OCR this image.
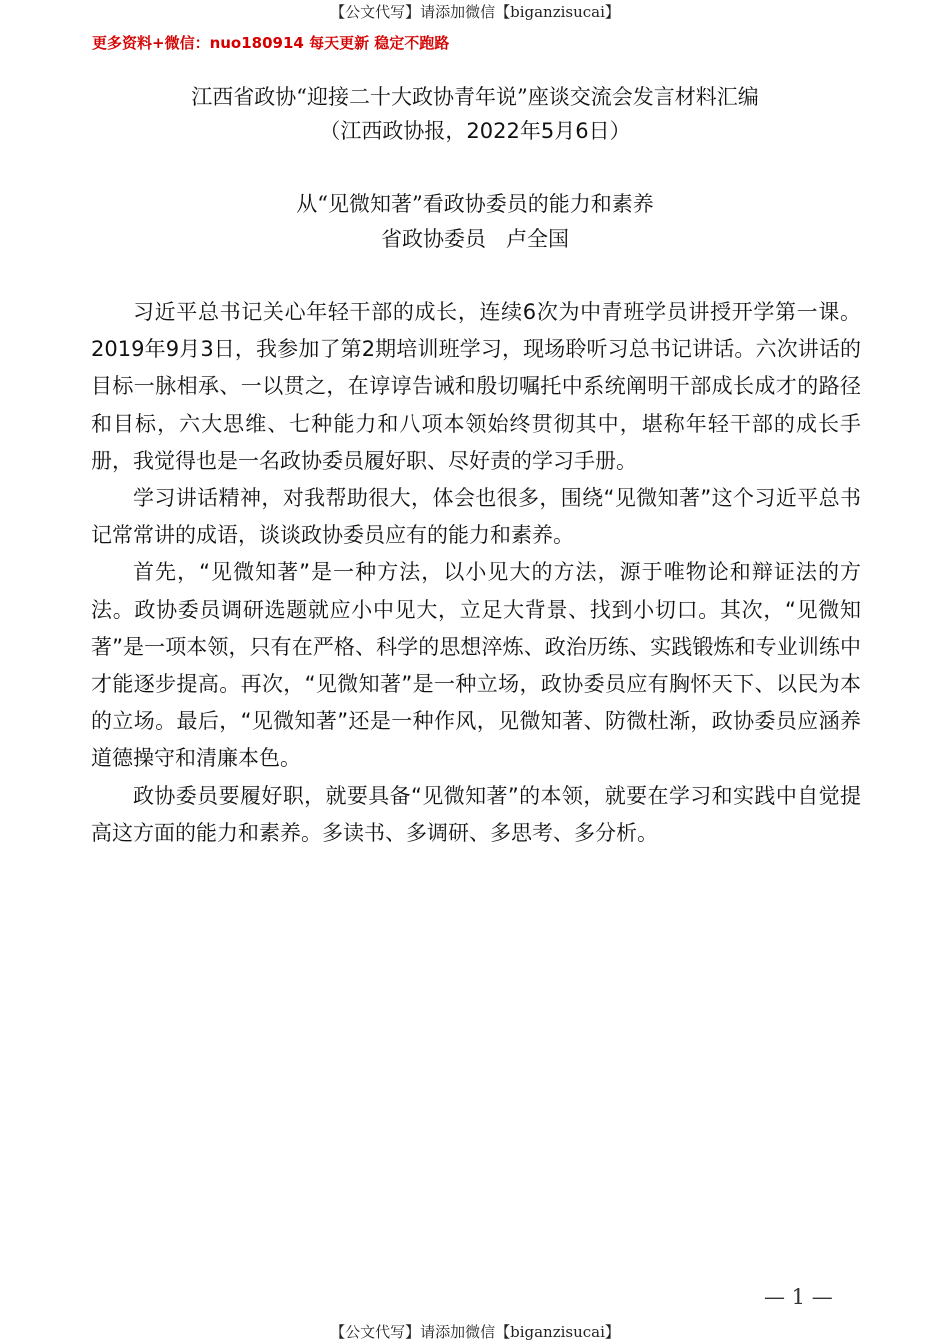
【公文代写】请添加微信【biganzisucai】
更多资料+微信：nuo180914 每天更新 稳定不跑路
江西省政协“迎接二十大政协青年说”座谈交流会发言材料汇编
（江西政协报，2022年5月6日）
从“见微知著”看政协委员的能力和素养
省政协委员   卢全国

习近平总书记关心年轻干部的成长，连续6次为中青班学员讲授开学第一课。2019年9月3日，我参加了第2期培训班学习，现场聆听习总书记讲话。六次讲话的目标一脉相承、一以贯之，在谆谆告诫和殷切嘱托中系统阐明干部成长成才的路径和目标，六大思维、七种能力和八项本领始终贯彻其中，堪称年轻干部的成长手册，我觉得也是一名政协委员履好职、尽好责的学习手册。

学习讲话精神，对我帮助很大，体会也很多，围绕“见微知著”这个习近平总书记常常讲的成语，谈谈政协委员应有的能力和素养。

首先，“见微知著”是一种方法，以小见大的方法，源于唯物论和辩证法的方法。政协委员调研选题就应小中见大，立足大背景、找到小切口。其次，“见微知著”是一项本领，只有在严格、科学的思想淬炼、政治历练、实践锻炼和专业训练中才能逐步提高。再次，“见微知著”是一种立场，政协委员应有胸怀天下、以民为本的立场。最后，“见微知著”还是一种作风，见微知著、防微杜渐，政协委员应涵养道德操守和清廉本色。

政协委员要履好职，就要具备“见微知著”的本领，就要在学习和实践中自觉提高这方面的能力和素养。多读书、多调研、多思考、多分析。

— 1 —
【公文代写】请添加微信【biganzisucai】
